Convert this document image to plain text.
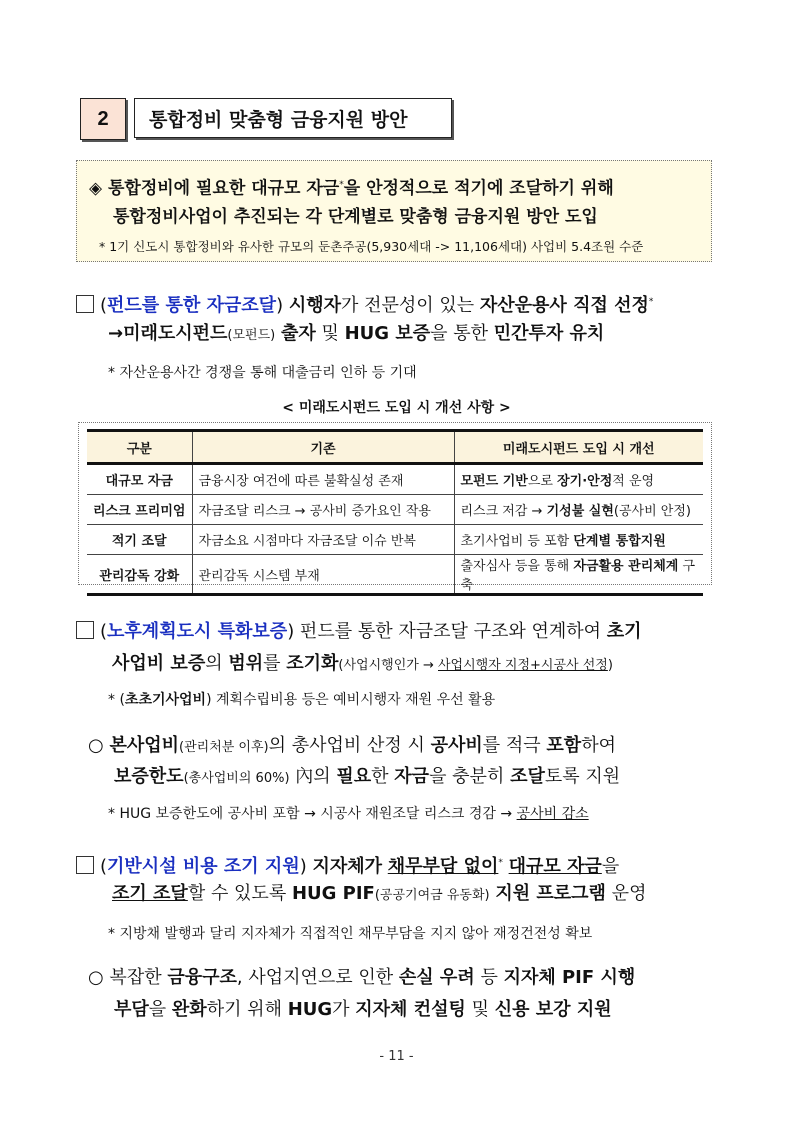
2	통합정비 맞춤형 금융지원 방안
◈ 통합정비에 필요한 대규모 자금*을 안정적으로 적기에 조달하기 위해
통합정비사업이 추진되는 각 단계별로 맞춤형 금융지원 방안 도입
* 1기 신도시 통합정비와 유사한 규모의 둔촌주공(5,930세대 -> 11,106세대) 사업비 5.4조원 수준
(펀드를 통한 자금조달) 시행자가 전문성이 있는 자산운용사 직접 선정*
→미래도시펀드(모펀드) 출자 및 HUG 보증을 통한 민간투자 유치
* 자산운용사간 경쟁을 통해 대출금리 인하 등 기대
< 미래도시펀드 도입 시 개선 사항 >
구분	기존	미래도시펀드 도입 시 개선
대규모 자금	금융시장 여건에 따른 불확실성 존재	모펀드 기반으로 장기·안정적 운영
리스크 프리미엄	자금조달 리스크 → 공사비 증가요인 작용	리스크 저감 → 기성불 실현(공사비 안정)
적기 조달	자금소요 시점마다 자금조달 이슈 반복	초기사업비 등 포함 단계별 통합지원
관리감독 강화	관리감독 시스템 부재	출자심사 등을 통해 자금활용 관리체계 구축
(노후계획도시 특화보증) 펀드를 통한 자금조달 구조와 연계하여 초기
사업비 보증의 범위를 조기화(사업시행인가 → 사업시행자 지정+시공사 선정)
* (초초기사업비) 계획수립비용 등은 예비시행자 재원 우선 활용
○ 본사업비(관리처분 이후)의 총사업비 산정 시 공사비를 적극 포함하여
보증한도(총사업비의 60%) 內의 필요한 자금을 충분히 조달토록 지원
* HUG 보증한도에 공사비 포함 → 시공사 재원조달 리스크 경감 → 공사비 감소
(기반시설 비용 조기 지원) 지자체가 채무부담 없이* 대규모 자금을
조기 조달할 수 있도록 HUG PIF(공공기여금 유동화) 지원 프로그램 운영
* 지방채 발행과 달리 지자체가 직접적인 채무부담을 지지 않아 재정건전성 확보
○ 복잡한 금융구조, 사업지연으로 인한 손실 우려 등 지자체 PIF 시행
부담을 완화하기 위해 HUG가 지자체 컨설팅 및 신용 보강 지원
- 11 -
